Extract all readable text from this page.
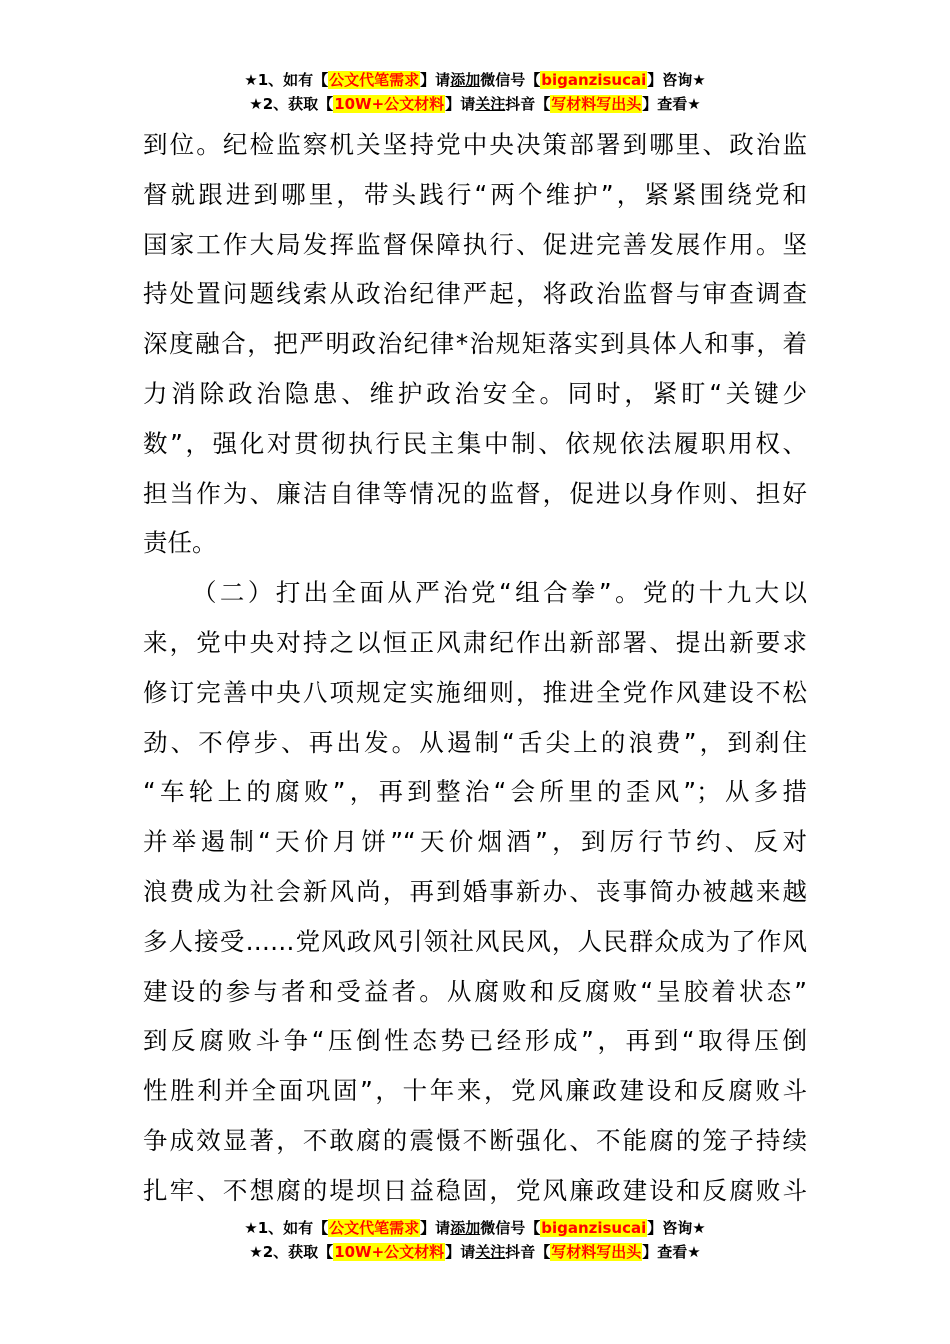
★1、如有【公文代笔需求】请添加微信号【biganzisucai】咨询★
★2、获取【10W+公文材料】请关注抖音【写材料写出头】查看★
到位。纪检监察机关坚持党中央决策部署到哪里、政治监
督就跟进到哪里，带头践行“两个维护”，紧紧围绕党和
国家工作大局发挥监督保障执行、促进完善发展作用。坚
持处置问题线索从政治纪律严起，将政治监督与审查调查
深度融合，把严明政治纪律*治规矩落实到具体人和事，着
力消除政治隐患、维护政治安全。同时，紧盯“关键少
数”，强化对贯彻执行民主集中制、依规依法履职用权、
担当作为、廉洁自律等情况的监督，促进以身作则、担好
责任。
（二）打出全面从严治党“组合拳”。党的十九大以
来，党中央对持之以恒正风肃纪作出新部署、提出新要求
修订完善中央八项规定实施细则，推进全党作风建设不松
劲、不停步、再出发。从遏制“舌尖上的浪费”，到刹住
“车轮上的腐败”，再到整治“会所里的歪风”；从多措
并举遏制“天价月饼”“天价烟酒”，到厉行节约、反对
浪费成为社会新风尚，再到婚事新办、丧事简办被越来越
多人接受……党风政风引领社风民风，人民群众成为了作风
建设的参与者和受益者。从腐败和反腐败“呈胶着状态”
到反腐败斗争“压倒性态势已经形成”，再到“取得压倒
性胜利并全面巩固”，十年来，党风廉政建设和反腐败斗
争成效显著，不敢腐的震慑不断强化、不能腐的笼子持续
扎牢、不想腐的堤坝日益稳固，党风廉政建设和反腐败斗
★1、如有【公文代笔需求】请添加微信号【biganzisucai】咨询★
★2、获取【10W+公文材料】请关注抖音【写材料写出头】查看★
